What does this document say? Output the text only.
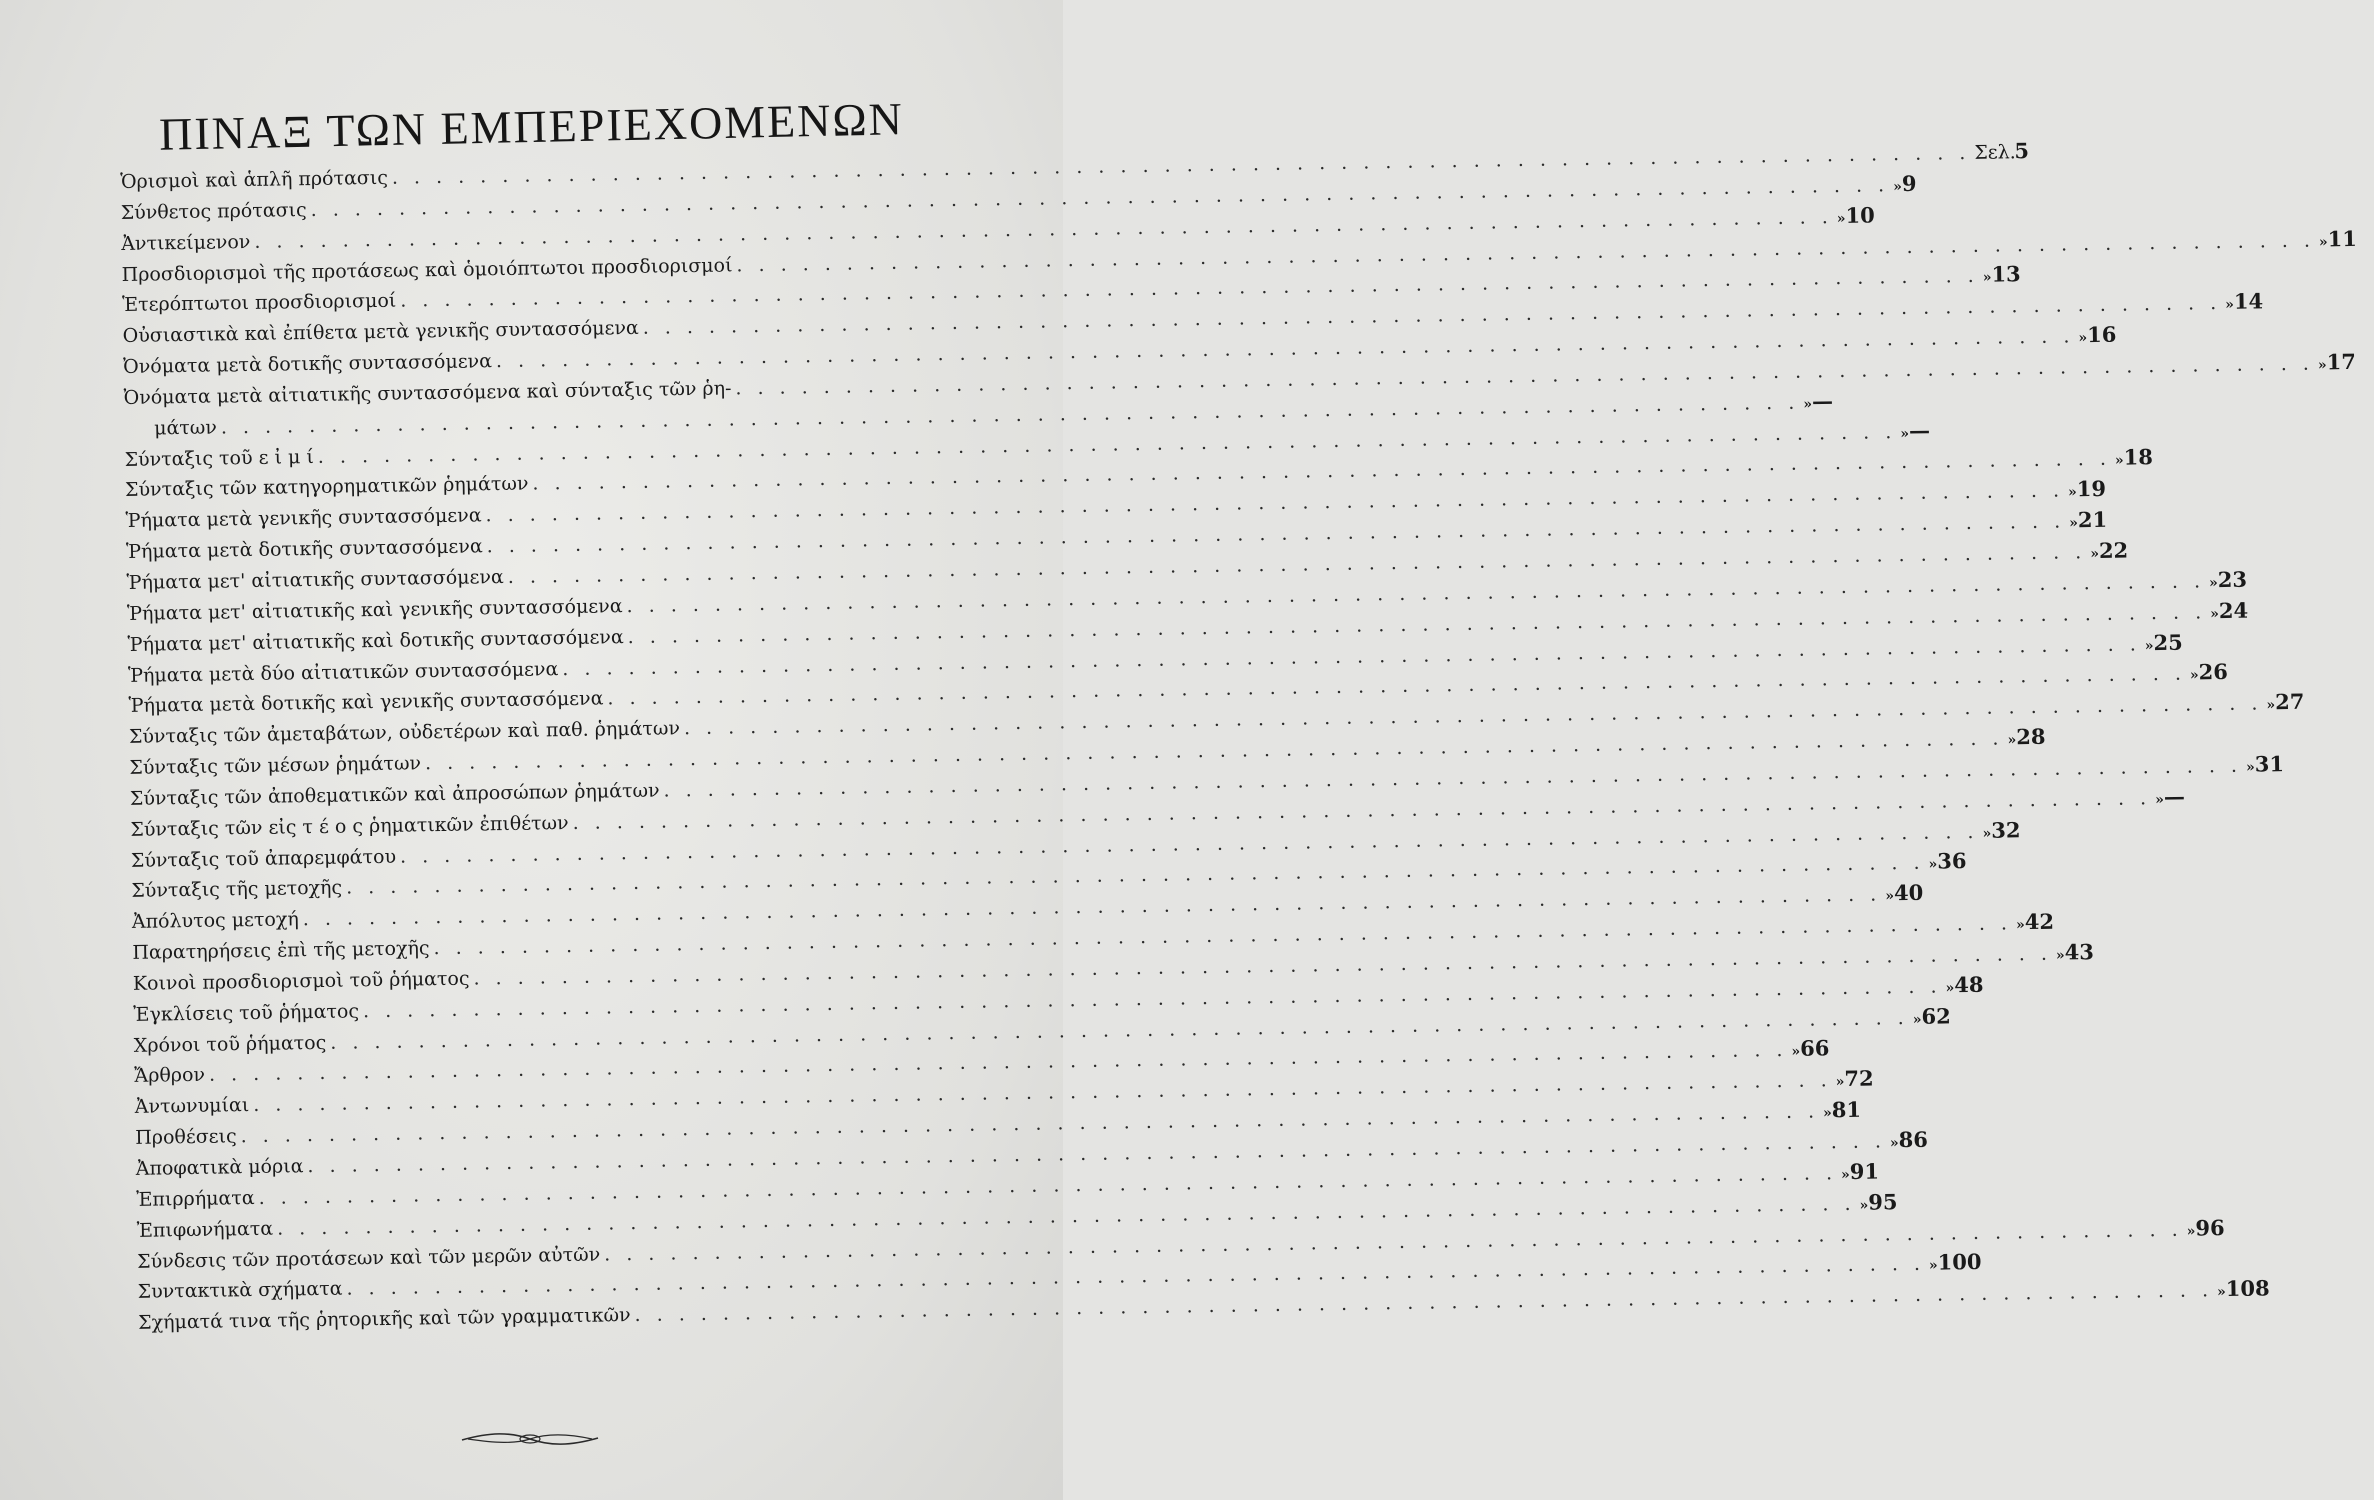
ΠΙΝΑΞ ΤΩΝ ΕΜΠΕΡΙΕΧΟΜΕΝΩΝ
Ὁρισμοὶ καὶ ἁπλῆ πρότασις
. . .
Σελ.
5
Σύνθετος πρότασις
. . .
» 9
Ἀντικείμενον
. . .
» 10
Προσδιορισμοὶ τῆς προτάσεως καὶ ὁμοιόπτωτοι προσδιορισμοί
. . .
» 11
Ἑτερόπτωτοι προσδιορισμοί
. . .
» 13
Οὐσιαστικὰ καὶ ἐπίθετα μετὰ γενικῆς συντασσόμενα
. . .
» 14
Ὀνόματα μετὰ δοτικῆς συντασσόμενα
. . .
» 16
Ὀνόματα μετὰ αἰτιατικῆς συντασσόμενα καὶ σύνταξις τῶν ῥη-
. . .
» 17
μάτων
. . .
» —
Σύνταξις τοῦ ε ἰ μ ί
. . .
» —
Σύνταξις τῶν κατηγορηματικῶν ῥημάτων
. . .
» 18
Ῥήματα μετὰ γενικῆς συντασσόμενα
. . .
» 19
Ῥήματα μετὰ δοτικῆς συντασσόμενα
. . .
» 21
Ῥήματα μετ' αἰτιατικῆς συντασσόμενα
. . .
» 22
Ῥήματα μετ' αἰτιατικῆς καὶ γενικῆς συντασσόμενα
. . .
» 23
Ῥήματα μετ' αἰτιατικῆς καὶ δοτικῆς συντασσόμενα
. . .
» 24
Ῥήματα μετὰ δύο αἰτιατικῶν συντασσόμενα
. . .
» 25
Ῥήματα μετὰ δοτικῆς καὶ γενικῆς συντασσόμενα
. . .
» 26
Σύνταξις τῶν ἀμεταβάτων, οὐδετέρων καὶ παθ. ῥημάτων
. . .
» 27
Σύνταξις τῶν μέσων ῥημάτων
. . .
» 28
Σύνταξις τῶν ἀποθεματικῶν καὶ ἀπροσώπων ῥημάτων
. . .
» 31
Σύνταξις τῶν εἰς τ έ ο ς ῥηματικῶν ἐπιθέτων
. . .
» —
Σύνταξις τοῦ ἀπαρεμφάτου
. . .
» 32
Σύνταξις τῆς μετοχῆς
. . .
» 36
Ἀπόλυτος μετοχή
. . .
» 40
Παρατηρήσεις ἐπὶ τῆς μετοχῆς
. . .
» 42
Κοινοὶ προσδιορισμοὶ τοῦ ῥήματος
. . .
» 43
Ἐγκλίσεις τοῦ ῥήματος
. . .
» 48
Χρόνοι τοῦ ῥήματος
. . .
» 62
Ἄρθρον
. . .
» 66
Ἀντωνυμίαι
. . .
» 72
Προθέσεις
. . .
» 81
Ἀποφατικὰ μόρια
. . .
» 86
Ἐπιρρήματα
. . .
» 91
Ἐπιφωνήματα
. . .
» 95
Σύνδεσις τῶν προτάσεων καὶ τῶν μερῶν αὐτῶν
. . .
» 96
Συντακτικὰ σχήματα
. . .
» 100
Σχήματά τινα τῆς ῥητορικῆς καὶ τῶν γραμματικῶν
. . .
» 108
